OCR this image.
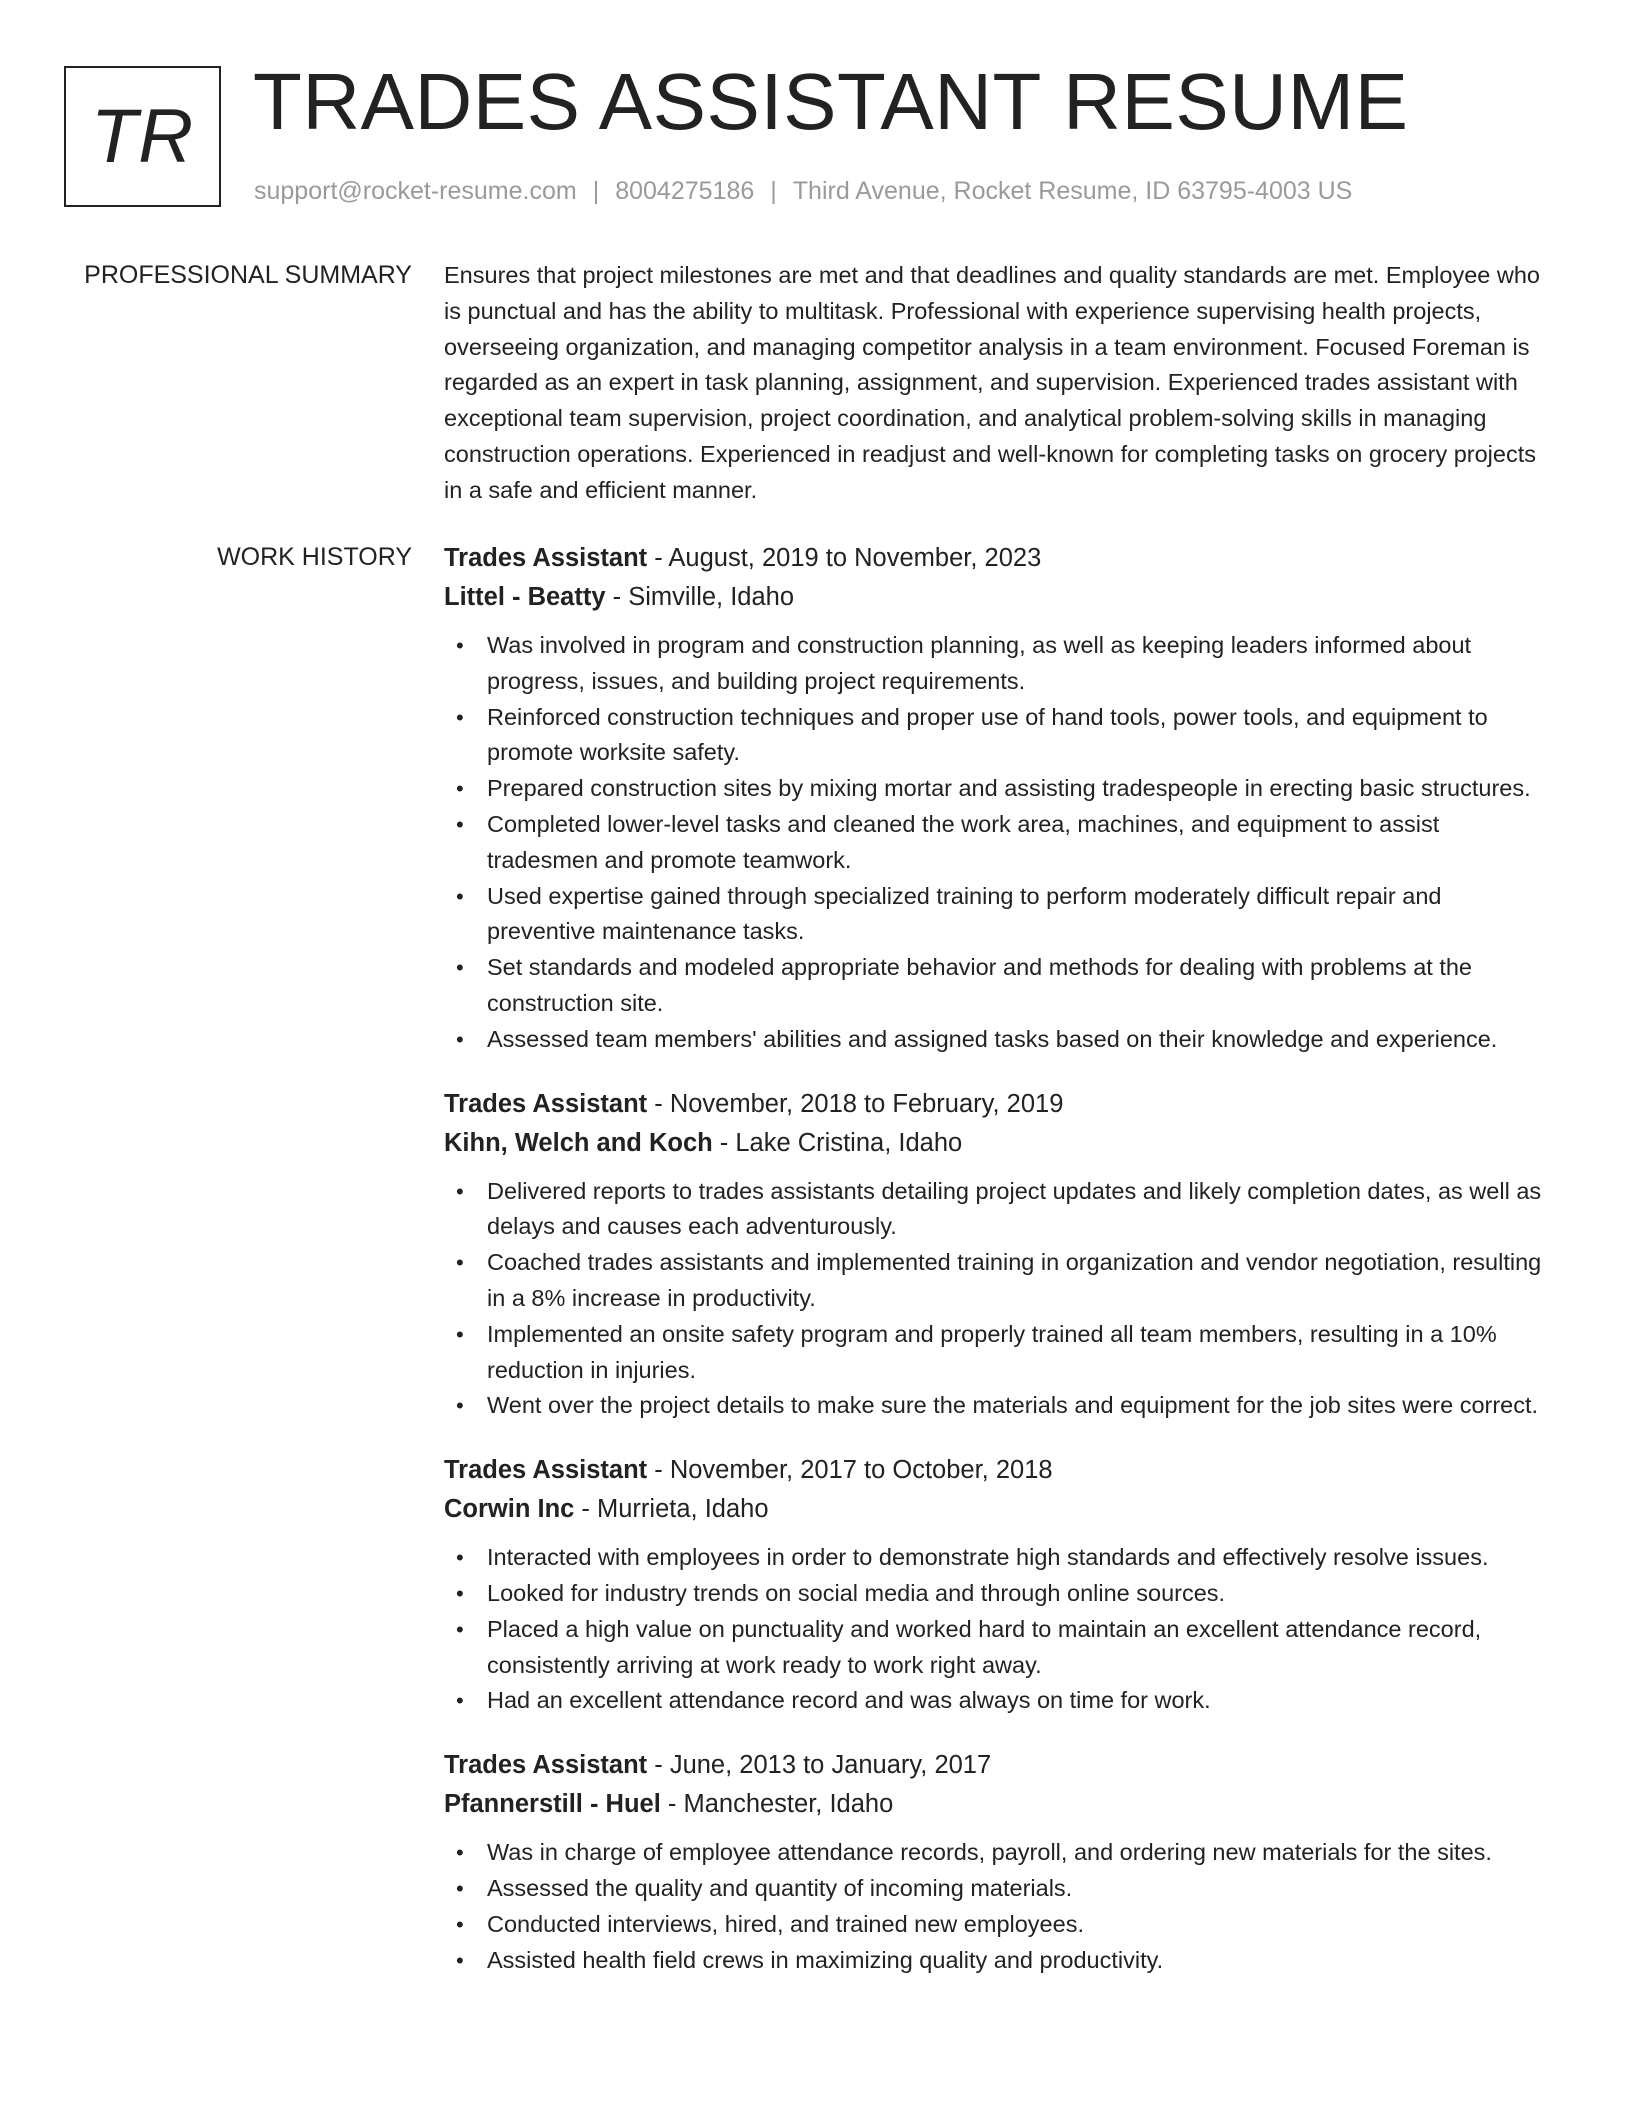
TR TRADES ASSISTANT RESUME
support@rocket-resume.com | 8004275186 | Third Avenue, Rocket Resume, ID 63795-4003 US
PROFESSIONAL SUMMARY Ensures that project milestones are met and that deadlines and quality standards are met. Employee who is punctual and has the ability to multitask. Professional with experience supervising health projects, overseeing organization, and managing competitor analysis in a team environment. Focused Foreman is regarded as an expert in task planning, assignment, and supervision. Experienced trades assistant with exceptional team supervision, project coordination, and analytical problem-solving skills in managing construction operations. Experienced in readjust and well-known for completing tasks on grocery projects in a safe and efficient manner.
WORK HISTORY Trades Assistant - August, 2019 to November, 2023

Littel - Beatty - Simville, Idaho

• Was involved in program and construction planning, as well as keeping leaders informed about progress, issues, and building project requirements.
• Reinforced construction techniques and proper use of hand tools, power tools, and equipment to promote worksite safety.
• Prepared construction sites by mixing mortar and assisting tradespeople in erecting basic structures.
• Completed lower-level tasks and cleaned the work area, machines, and equipment to assist tradesmen and promote teamwork.
• Used expertise gained through specialized training to perform moderately difficult repair and preventive maintenance tasks.
• Set standards and modeled appropriate behavior and methods for dealing with problems at the construction site.
• Assessed team members' abilities and assigned tasks based on their knowledge and experience.

Trades Assistant - November, 2018 to February, 2019

Kihn, Welch and Koch - Lake Cristina, Idaho

• Delivered reports to trades assistants detailing project updates and likely completion dates, as well as delays and causes each adventurously.
• Coached trades assistants and implemented training in organization and vendor negotiation, resulting in a 8% increase in productivity.
• Implemented an onsite safety program and properly trained all team members, resulting in a 10% reduction in injuries.
• Went over the project details to make sure the materials and equipment for the job sites were correct.

Trades Assistant - November, 2017 to October, 2018

Corwin Inc - Murrieta, Idaho

• Interacted with employees in order to demonstrate high standards and effectively resolve issues.
• Looked for industry trends on social media and through online sources.
• Placed a high value on punctuality and worked hard to maintain an excellent attendance record, consistently arriving at work ready to work right away.
• Had an excellent attendance record and was always on time for work.

Trades Assistant - June, 2013 to January, 2017

Pfannerstill - Huel - Manchester, Idaho

• Was in charge of employee attendance records, payroll, and ordering new materials for the sites.
• Assessed the quality and quantity of incoming materials.
• Conducted interviews, hired, and trained new employees.
• Assisted health field crews in maximizing quality and productivity.
